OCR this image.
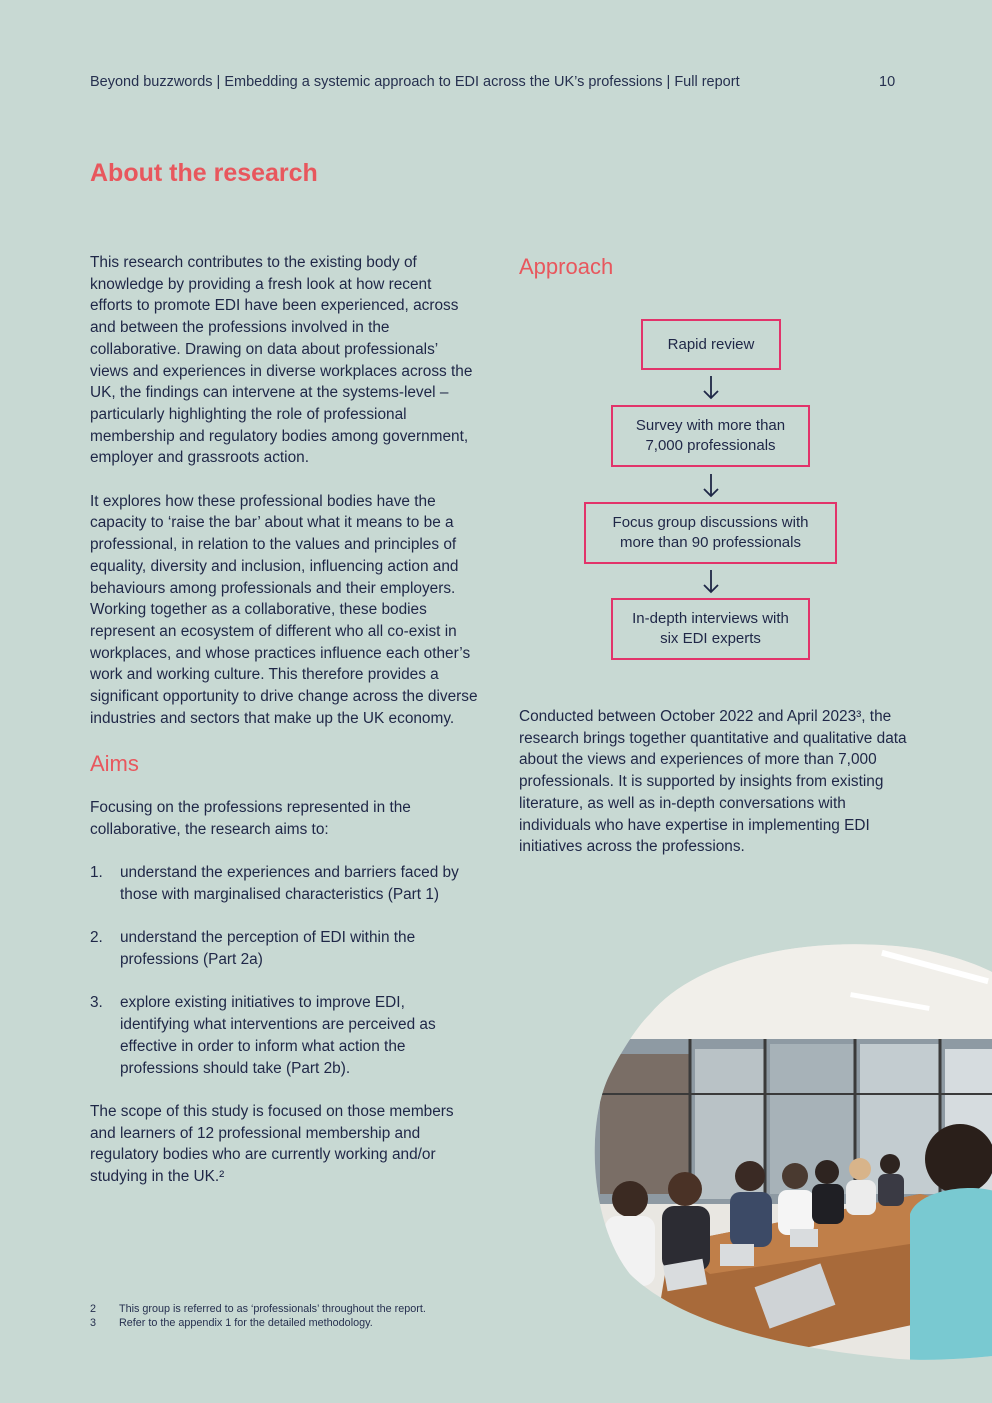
Beyond buzzwords | Embedding a systemic approach to EDI across the UK’s professions | Full report	10
About the research

This research contributes to the existing body of knowledge by providing a fresh look at how recent efforts to promote EDI have been experienced, across and between the professions involved in the collaborative. Drawing on data about professionals’ views and experiences in diverse workplaces across the UK, the findings can intervene at the systems-level – particularly highlighting the role of professional membership and regulatory bodies among government, employer and grassroots action.

It explores how these professional bodies have the capacity to ‘raise the bar’ about what it means to be a professional, in relation to the values and principles of equality, diversity and inclusion, influencing action and behaviours among professionals and their employers. Working together as a collaborative, these bodies represent an ecosystem of different who all co-exist in workplaces, and whose practices influence each other’s work and working culture. This therefore provides a significant opportunity to drive change across the diverse industries and sectors that make up the UK economy.

Aims

Focusing on the professions represented in the collaborative, the research aims to:

1.	understand the experiences and barriers faced by those with marginalised characteristics (Part 1)
2.	understand the perception of EDI within the professions (Part 2a)
3.	explore existing initiatives to improve EDI, identifying what interventions are perceived as effective in order to inform what action the professions should take (Part 2b).

The scope of this study is focused on those members and learners of 12 professional membership and regulatory bodies who are currently working and/or studying in the UK.²

2	This group is referred to as ‘professionals’ throughout the report.
3	Refer to the appendix 1 for the detailed methodology.
Approach
Rapid review
Survey with more than 7,000 professionals
Focus group discussions with more than 90 professionals
In-depth interviews with six EDI experts

Conducted between October 2022 and April 2023³, the research brings together quantitative and qualitative data about the views and experiences of more than 7,000 professionals. It is supported by insights from existing literature, as well as in-depth conversations with individuals who have expertise in implementing EDI initiatives across the professions.
